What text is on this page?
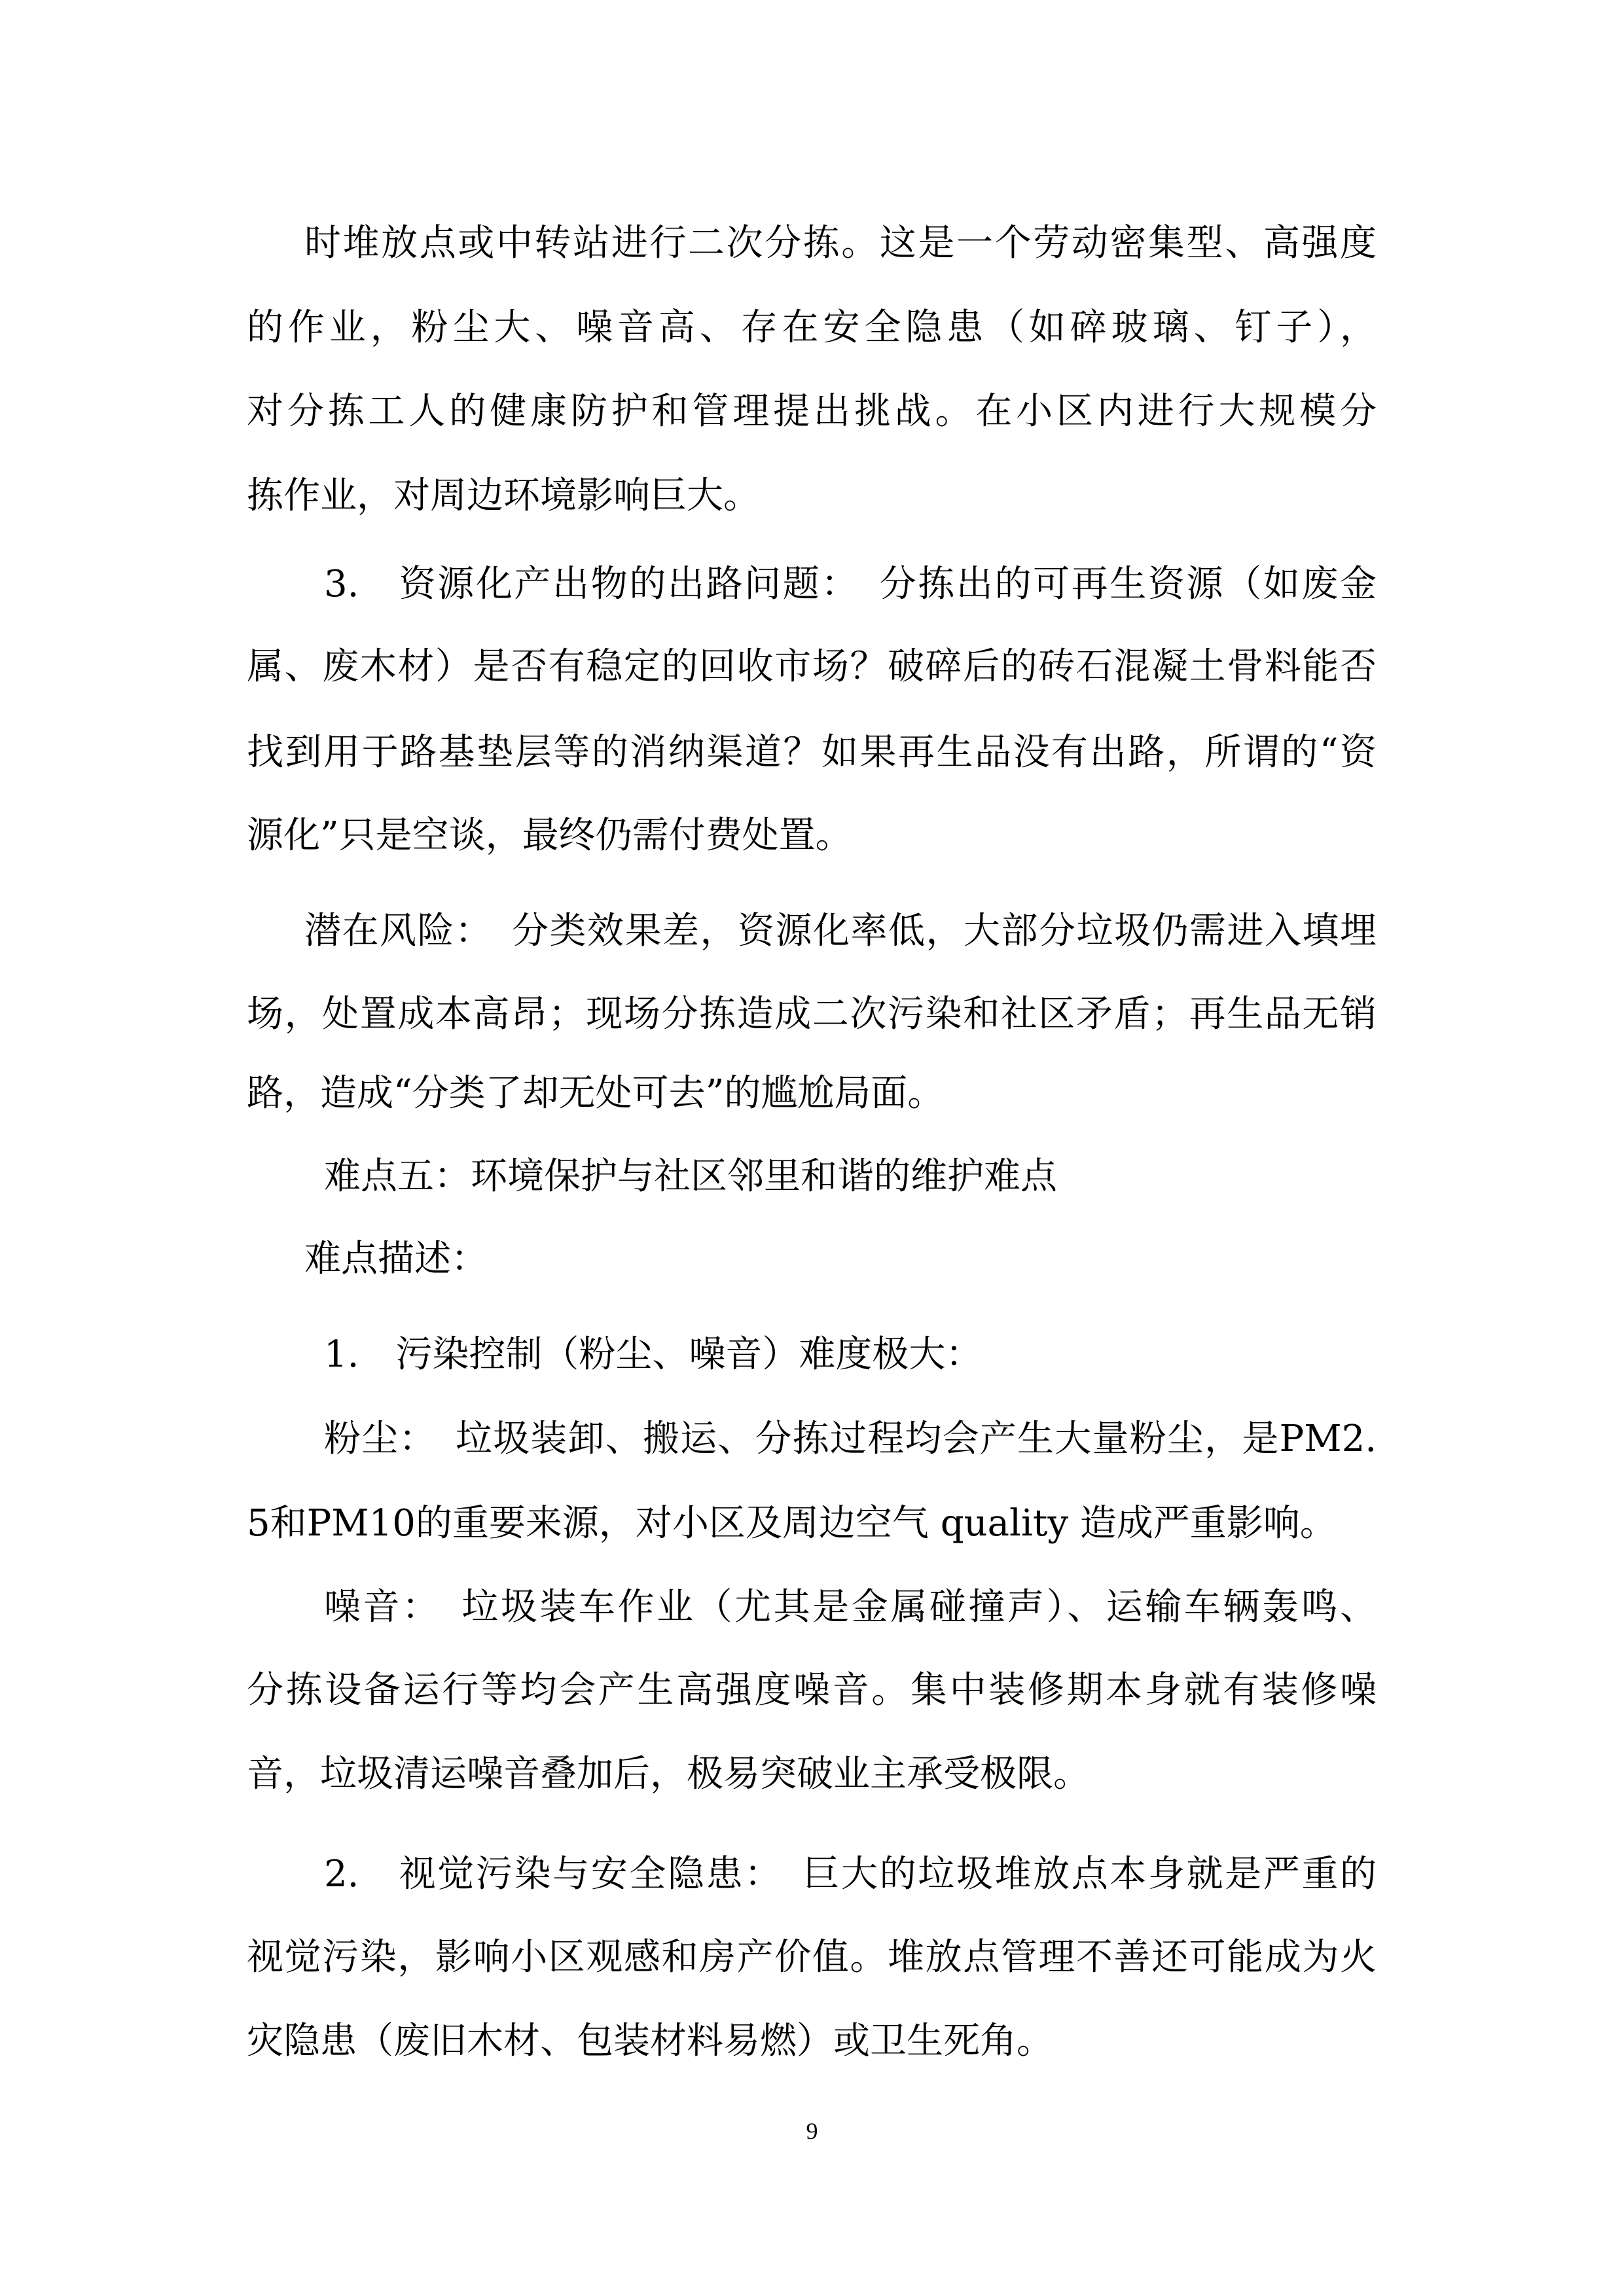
时堆放点或中转站进行二次分拣。这是一个劳动密集型、高强度
的作业，粉尘大、噪音高、存在安全隐患（如碎玻璃、钉子），
对分拣工人的健康防护和管理提出挑战。在小区内进行大规模分
拣作业，对周边环境影响巨大。
3.　资源化产出物的出路问题：　分拣出的可再生资源（如废金
属、废木材）是否有稳定的回收市场？破碎后的砖石混凝土骨料能否
找到用于路基垫层等的消纳渠道？如果再生品没有出路，所谓的“资
源化”只是空谈，最终仍需付费处置。
潜在风险：　分类效果差，资源化率低，大部分垃圾仍需进入填埋
场，处置成本高昂；现场分拣造成二次污染和社区矛盾；再生品无销
路，造成“分类了却无处可去”的尴尬局面。
难点五：环境保护与社区邻里和谐的维护难点
难点描述：
1.　污染控制（粉尘、噪音）难度极大：
粉尘：　垃圾装卸、搬运、分拣过程均会产生大量粉尘，是PM2.
5和PM10的重要来源，对小区及周边空气 quality 造成严重影响。
噪音：　垃圾装车作业（尤其是金属碰撞声）、运输车辆轰鸣、
分拣设备运行等均会产生高强度噪音。集中装修期本身就有装修噪
音，垃圾清运噪音叠加后，极易突破业主承受极限。
2.　视觉污染与安全隐患：　巨大的垃圾堆放点本身就是严重的
视觉污染，影响小区观感和房产价值。堆放点管理不善还可能成为火
灾隐患（废旧木材、包装材料易燃）或卫生死角。
9
